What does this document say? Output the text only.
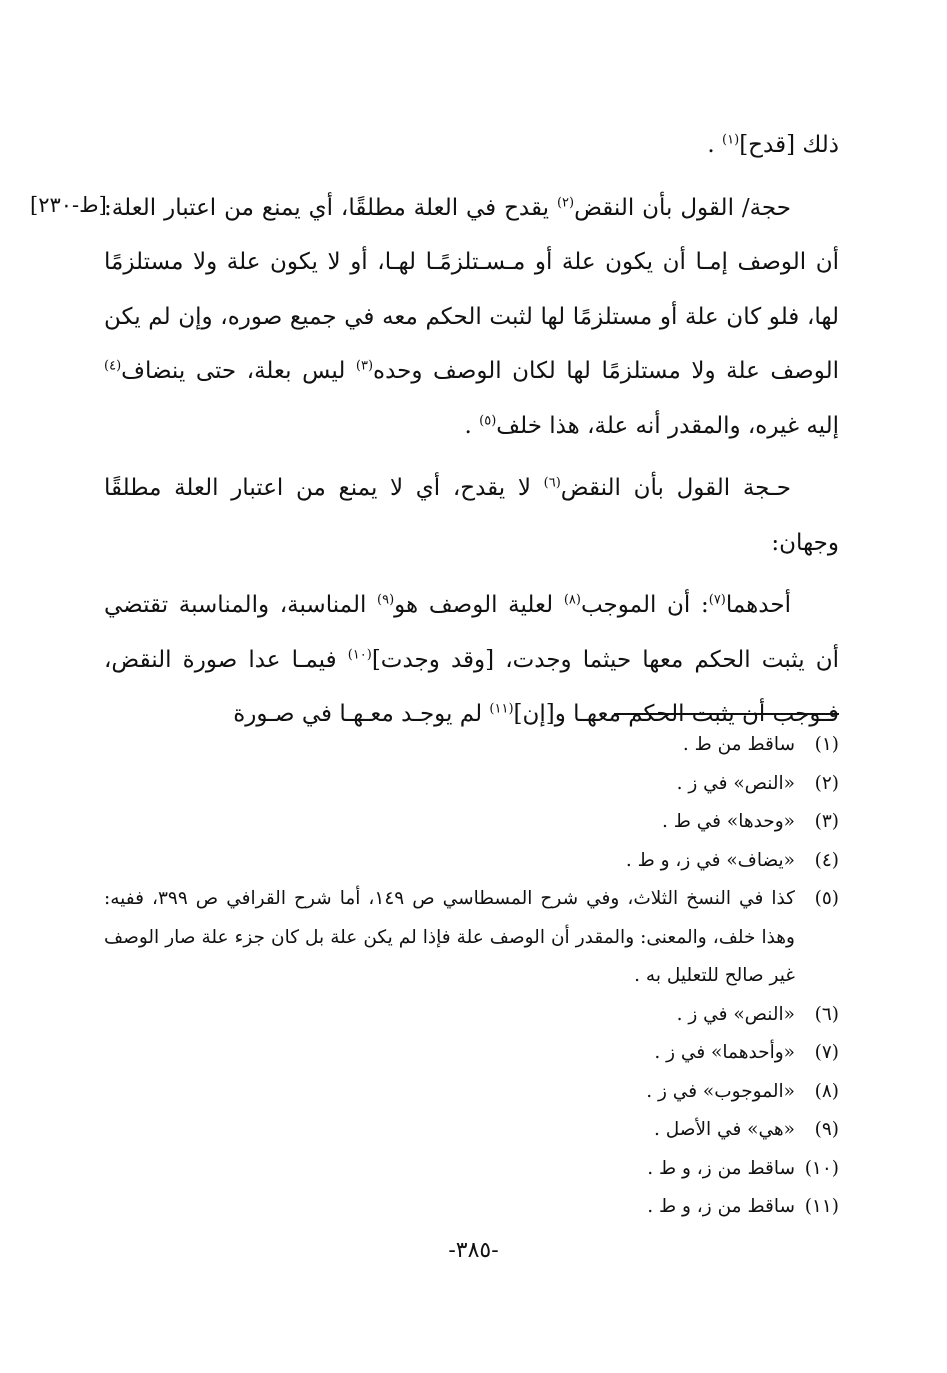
ذلك [قدح]$^{(١)}$ .

حجة/ القول بأن النقض$^{(٢)}$ يقدح في العلة مطلقًا، أي يمنع من اعتبار العلة: أن الوصف إمـا أن يكون علة أو مـسـتلزمًـا لهـا، أو لا يكون علة ولا مستلزمًا لها، فلو كان علة أو مستلزمًا لها لثبت الحكم معه في جميع صوره، وإن لم يكن الوصف علة ولا مستلزمًا لها لكان الوصف وحده$^{(٣)}$ ليس بعلة، حتى ينضاف$^{(٤)}$ إليه غيره، والمقدر أنه علة، هذا خلف$^{(٥)}$ .

حـجة القول بأن النقض$^{(٦)}$ لا يقدح، أي لا يمنع من اعتبار العلة مطلقًا وجهان:

أحدهما$^{(٧)}$: أن الموجب$^{(٨)}$ لعلية الوصف هو$^{(٩)}$ المناسبة، والمناسبة تقتضي أن يثبت الحكم معها حيثما وجدت، [وقد وجدت]$^{(١٠)}$ فيمـا عدا صورة النقض، فـوجب أن يثبت الحكم معهـا و[إن]$^{(١١)}$ لم يوجـد معـهـا في صـورة

[ط-٢٣٠]
(١)
ساقط من ط .
(٢)
«النص» في ز .
(٣)
«وحدها» في ط .
(٤)
«يضاف» في ز، و ط .
(٥)
كذا في النسخ الثلاث، وفي شرح المسطاسي ص ١٤٩، أما شرح القرافي ص ٣٩٩، ففيه: وهذا خلف، والمعنى: والمقدر أن الوصف علة فإذا لم يكن علة بل كان جزء علة صار الوصف غير صالح للتعليل به .
(٦)
«النص» في ز .
(٧)
«وأحدهما» في ز .
(٨)
«الموجوب» في ز .
(٩)
«هي» في الأصل .
(١٠)
ساقط من ز، و ط .
(١١)
ساقط من ز، و ط .
-٣٨٥-
